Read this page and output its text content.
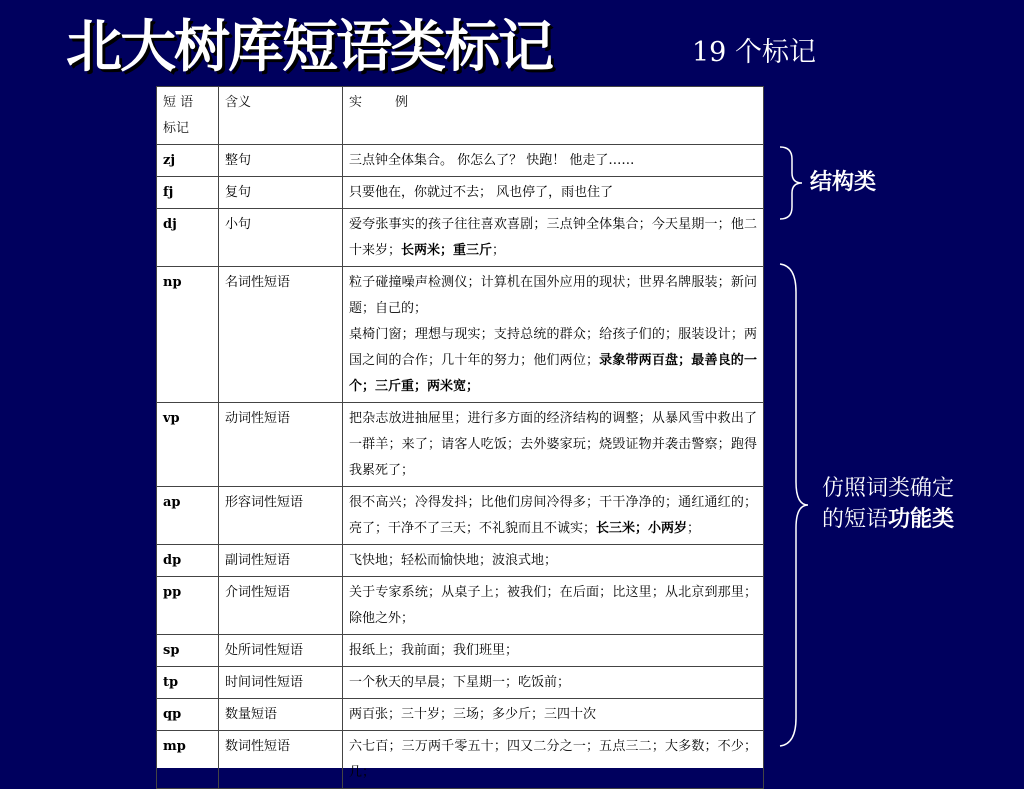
北大树库短语类标记	19 个标记
短 语
标记	含义	实        例
zj	整句	三点钟全体集合。 你怎么了？ 快跑！ 他走了……
fj	复句	只要他在，你就过不去； 风也停了，雨也住了
dj	小句	爱夸张事实的孩子往往喜欢喜剧；三点钟全体集合；今天星期一；他二十来岁；长两米；重三斤；
np	名词性短语	粒子碰撞噪声检测仪；计算机在国外应用的现状；世界名牌服装；新问题；自己的；
桌椅门窗；理想与现实；支持总统的群众；给孩子们的；服装设计；两国之间的合作；几十年的努力；他们两位；录象带两百盘；最善良的一个；三斤重；两米宽；
vp	动词性短语	把杂志放进抽屉里；进行多方面的经济结构的调整；从暴风雪中救出了一群羊；来了；请客人吃饭；去外婆家玩；烧毁证物并袭击警察；跑得我累死了；
ap	形容词性短语	很不高兴；冷得发抖；比他们房间冷得多；干干净净的；通红通红的；亮了；干净不了三天；不礼貌而且不诚实；长三米；小两岁；
dp	副词性短语	飞快地；轻松而愉快地；波浪式地；
pp	介词性短语	关于专家系统；从桌子上；被我们；在后面；比这里；从北京到那里；除他之外；
sp	处所词性短语	报纸上；我前面；我们班里；
tp	时间词性短语	一个秋天的早晨；下星期一；吃饭前；
qp	数量短语	两百张；三十岁；三场；多少斤；三四十次
mp	数词性短语	六七百；三万两千零五十；四又二分之一；五点三二；大多数；不少；几；
结构类
仿照词类确定
的短语功能类
